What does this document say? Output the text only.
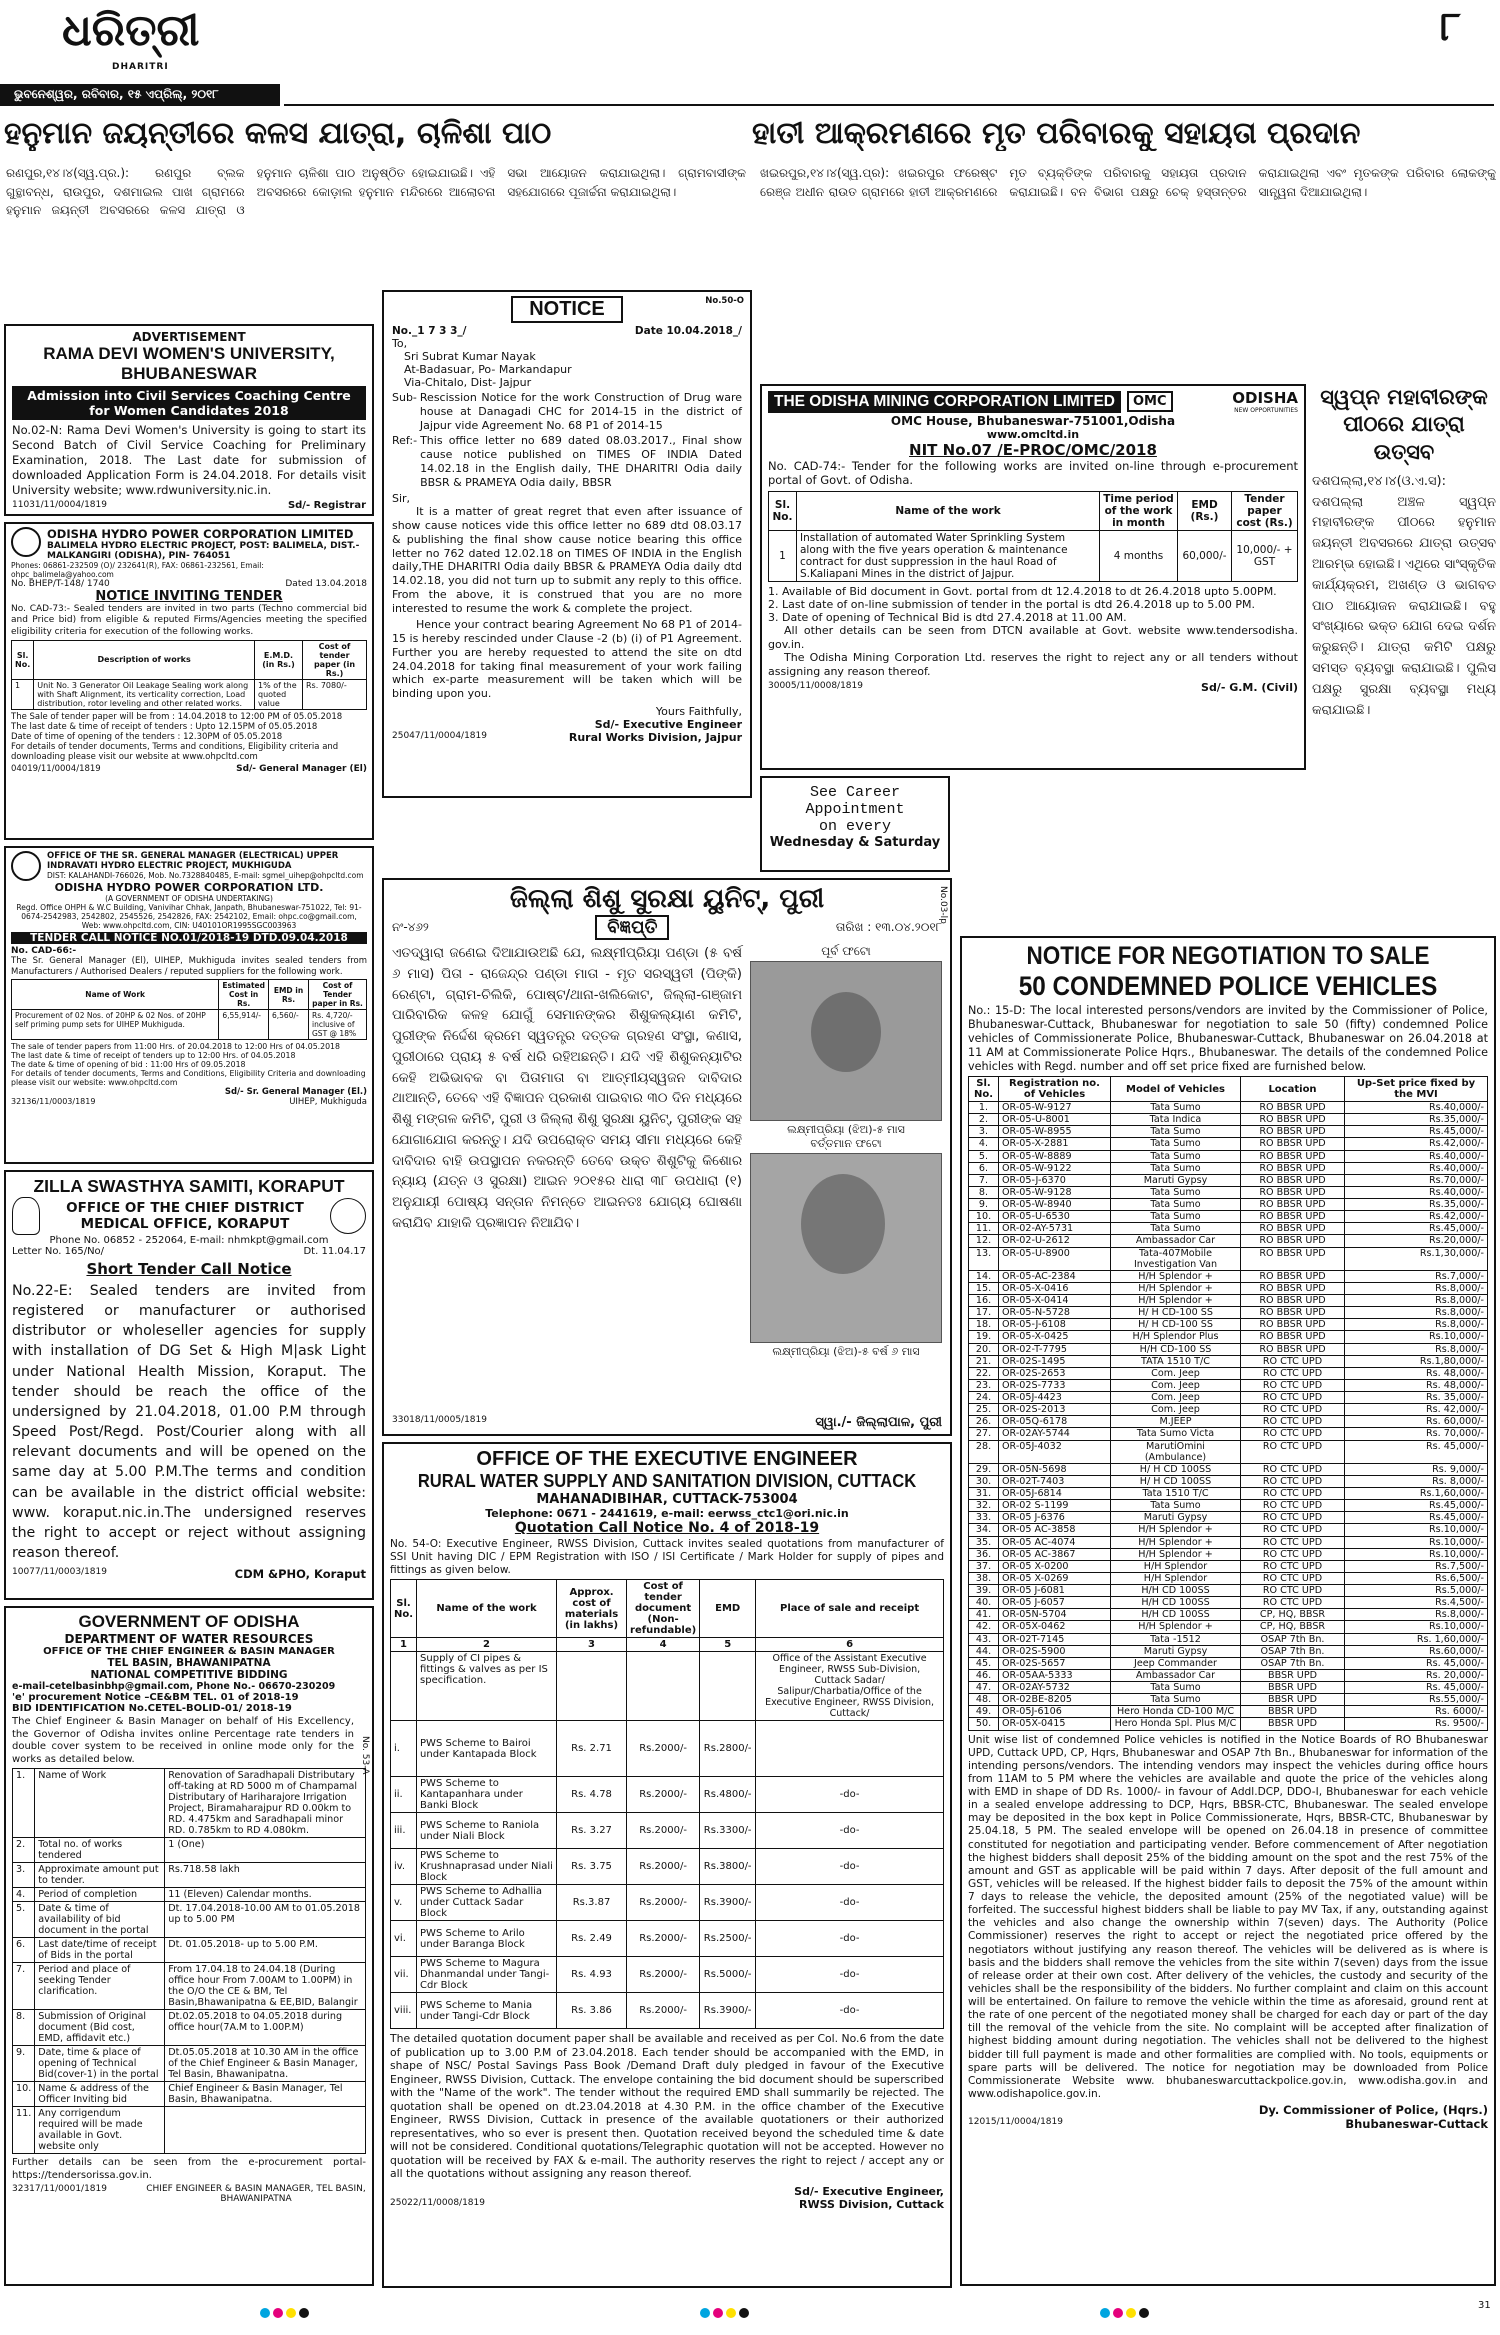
ଧରିତ୍ରୀ
DHARITRI
ଭୁବନେଶ୍ୱର, ରବିବାର, ୧୫ ଏପ୍ରିଲ୍, ୨୦୧୮
୮
ହନୁମାନ ଜୟନ୍ତୀରେ କଳସ ଯାତ୍ରା, ଚାଳିଶା ପାଠ	ହାତୀ ଆକ୍ରମଣରେ ମୃତ ପରିବାରକୁ ସହାୟତା ପ୍ରଦାନ
ରଣପୁର,୧୪।୪(ସ୍ୱ.ପ୍ର.): ରଣପୁର ବ୍ଲକ ଗୁନ୍ଥାବନ୍ଧ, ରାଉପୁର, ଦଶମାଇଲ ପାଖ ଗ୍ରାମରେ ହନୁମାନ ଜୟନ୍ତୀ ଅବସରରେ କଳସ ଯାତ୍ରା ଓ ହନୁମାନ ଚାଳିଶା ପାଠ ଅନୁଷ୍ଠିତ ହୋଇଯାଇଛି। ଏହି ଅବସରରେ କୋଡ଼ାଲ ହନୁମାନ ମନ୍ଦିରରେ ଆଲୋଚନା ସଭା ଆୟୋଜନ କରାଯାଇଥିଲା। ଗ୍ରାମବାସୀଙ୍କ ସହଯୋଗରେ ପୂଜାର୍ଚ୍ଚନା କରାଯାଇଥିଲା।
ଖଇରପୁର,୧୪।୪(ସ୍ୱ.ପ୍ର): ଖଇରପୁର ଫରେଷ୍ଟ ରେଞ୍ଜ ଅଧୀନ ରାଉତ ଗ୍ରାମରେ ହାତୀ ଆକ୍ରମଣରେ ମୃତ ବ୍ୟକ୍ତିଙ୍କ ପରିବାରକୁ ସହାୟତା ପ୍ରଦାନ କରାଯାଇଛି। ବନ ବିଭାଗ ପକ୍ଷରୁ ଚେକ୍ ହସ୍ତାନ୍ତର କରାଯାଇଥିଲା ଏବଂ ମୃତକଙ୍କ ପରିବାର ଲୋକଙ୍କୁ ସାନ୍ତ୍ୱନା ଦିଆଯାଇଥିଲା।
ADVERTISEMENT
RAMA DEVI WOMEN'S UNIVERSITY, BHUBANESWAR
Admission into Civil Services Coaching Centre for Women Candidates 2018
No.02-N: Rama Devi Women's University is going to start its Second Batch of Civil Service Coaching for Preliminary Examination, 2018. The Last date for submission of downloaded Application Form is 24.04.2018. For details visit University website; www.rdwuniversity.nic.in.
11031/11/0004/1819	Sd/- Registrar
ODISHA HYDRO POWER CORPORATION LIMITED
BALIMELA HYDRO ELECTRIC PROJECT, POST: BALIMELA, DIST.- MALKANGIRI (ODISHA), PIN- 764051
Phones: 06861-232509 (O)/ 232641(R), FAX: 06861-232561, Email: ohpc_balimela@yahoo.com
No. BHEP/T-148/ 1740	Dated 13.04.2018
NOTICE INVITING TENDER
No. CAD-73:- Sealed tenders are invited in two parts (Techno commercial bid and Price bid) from eligible & reputed Firms/Agencies meeting the specified eligibility criteria for execution of the following works.
Sl. No.	Description of works	E.M.D. (in Rs.)	Cost of tender paper (in Rs.)
1	Unit No. 3 Generator Oil Leakage Sealing work along with Shaft Alignment, its verticality correction, Load distribution, rotor leveling and other related works.	1% of the quoted value	Rs. 7080/-
The Sale of tender paper will be from : 14.04.2018 to 12:00 PM of 05.05.2018
The last date & time of receipt of tenders : Upto 12.15PM of 05.05.2018
Date of time of opening of the tenders : 12.30PM of 05.05.2018
For details of tender documents, Terms and conditions, Eligibility criteria and downloading please visit our website at www.ohpcltd.com
04019/11/0004/1819	Sd/- General Manager (El)
OFFICE OF THE SR. GENERAL MANAGER (ELECTRICAL) UPPER INDRAVATI HYDRO ELECTRIC PROJECT, MUKHIGUDA
DIST: KALAHANDI-766026, Mob. No.7328840485, E-mail: sgmel_uihep@ohpcltd.com
ODISHA HYDRO POWER CORPORATION LTD.
(A GOVERNMENT OF ODISHA UNDERTAKING)
Regd. Office OHPH & W.C Building, Vanivihar Chhak, Janpath, Bhubaneswar-751022, Tel: 91-0674-2542983, 2542802, 2545526, 2542826, FAX: 2542102, Email: ohpc.co@gmail.com, Web: www.ohpcltd.com, CIN: U40101OR1995SGC003963
TENDER CALL NOTICE NO.01/2018-19 DTD.09.04.2018
No. CAD-66:-
The Sr. General Manager (El), UIHEP, Mukhiguda invites sealed tenders from Manufacturers / Authorised Dealers / reputed suppliers for the following work.
Name of Work	Estimated Cost in Rs.	EMD in Rs.	Cost of Tender paper in Rs.
Procurement of 02 Nos. of 20HP & 02 Nos. of 20HP self priming pump sets for UIHEP Mukhiguda.	6,55,914/-	6,560/-	Rs. 4,720/- inclusive of GST @ 18%
The sale of tender papers from 11:00 Hrs. of 20.04.2018 to 12:00 Hrs of 04.05.2018
The last date & time of receipt of tenders up to 12:00 Hrs. of 04.05.2018
The date & time of opening of bid : 11:00 Hrs of 09.05.2018
For details of tender documents, Terms and Conditions, Eligibility Criteria and downloading please visit our website: www.ohpcltd.com
Sd/- Sr. General Manager (El.)
32136/11/0003/1819	UIHEP, Mukhiguda
ZILLA SWASTHYA SAMITI, KORAPUT
OFFICE OF THE CHIEF DISTRICT MEDICAL OFFICE, KORAPUT
Phone No. 06852 - 252064, E-mail: nhmkpt@gmail.com
Letter No. 165/No/	Dt. 11.04.17
Short Tender Call Notice
No.22-E: Sealed tenders are invited from registered or manufacturer or authorised distributor or wholeseller agencies for supply with installation of DG Set & High M|ask Light under National Health Mission, Koraput. The tender should be reach the office of the undersigned by 21.04.2018, 01.00 P.M through Speed Post/Regd. Post/Courier along with all relevant documents and will be opened on the same day at 5.00 P.M.The terms and condition can be available in the district official website: www. koraput.nic.in.The undersigned reserves the right to accept or reject without assigning reason thereof.
10077/11/0003/1819	CDM &PHO, Koraput
GOVERNMENT OF ODISHA
DEPARTMENT OF WATER RESOURCES
OFFICE OF THE CHIEF ENGINEER & BASIN MANAGER
TEL BASIN, BHAWANIPATNA
NATIONAL COMPETITIVE BIDDING
e-mail-cetelbasinbhp@gmail.com, Phone No.- 06670-230209
'e' procurement Notice –CE&BM TEL. 01 of 2018-19
BID IDENTIFICATION No.CETEL-BOLID-01/ 2018-19
No. 53-A
The Chief Engineer & Basin Manager on behalf of His Excellency, the Governor of Odisha invites online Percentage rate tenders in double cover system to be received in online mode only for the works as detailed below.
1.	Name of Work	Renovation of Saradhapali Distributary off-taking at RD 5000 m of Champamal Distributary of Hariharajore Irrigation Project, Biramaharajpur RD 0.00km to RD. 4.475km and Saradhapali minor RD. 0.785km to RD 4.080km.
2.	Total no. of works tendered	1 (One)
3.	Approximate amount put to tender.	Rs.718.58 lakh
4.	Period of completion	11 (Eleven) Calendar months.
5.	Date & time of availability of bid document in the portal	Dt. 17.04.2018-10.00 AM to 01.05.2018 up to 5.00 PM
6.	Last date/time of receipt of Bids in the portal	Dt. 01.05.2018- up to 5.00 P.M.
7.	Period and place of seeking Tender clarification.	From 17.04.18 to 24.04.18 (During office hour From 7.00AM to 1.00PM) in the O/O the CE & BM, Tel Basin,Bhawanipatna & EE,BID, Balangir
8.	Submission of Original document (Bid cost, EMD, affidavit etc.)	Dt.02.05.2018 to 04.05.2018 during office hour(7A.M to 1.00P.M)
9.	Date, time & place of opening of Technical Bid(cover-1) in the portal	Dt.05.05.2018 at 10.30 AM in the office of the Chief Engineer & Basin Manager, Tel Basin, Bhawanipatna.
10.	Name & address of the Officer Inviting bid	Chief Engineer & Basin Manager, Tel Basin, Bhawanipatna.
11.	Any corrigendum required will be made available in Govt. website only	
Further details can be seen from the e-procurement portal- https://tendersorissa.gov.in.
32317/11/0001/1819	CHIEF ENGINEER & BASIN MANAGER, TEL BASIN, BHAWANIPATNA
No.50-O
NOTICE
No._1 7 3 3_/	Date 10.04.2018_/
To,
Sri Subrat Kumar Nayak
At-Badasuar, Po- Markandapur
Via-Chitalo, Dist- Jajpur
Sub- Rescission Notice for the work Construction of Drug ware house at Danagadi CHC for 2014-15 in the district of Jajpur vide Agreement No. 68 P1 of 2014-15
Ref:- This office letter no 689 dated 08.03.2017., Final show cause notice published on TIMES OF INDIA Dated 14.02.18 in the English daily, THE DHARITRI Odia daily BBSR & PRAMEYA Odia daily, BBSR
Sir,
It is a matter of great regret that even after issuance of show cause notices vide this office letter no 689 dtd 08.03.17 & publishing the final show cause notice bearing this office letter no 762 dated 12.02.18 on TIMES OF INDIA in the English daily,THE DHARITRI Odia daily BBSR & PRAMEYA Odia daily dtd 14.02.18, you did not turn up to submit any reply to this office. From the above, it is construed that you are no more interested to resume the work & complete the project.
Hence your contract bearing Agreement No 68 P1 of 2014-15 is hereby rescinded under Clause -2 (b) (i) of P1 Agreement. Further you are hereby requested to attend the site on dtd 24.04.2018 for taking final measurement of your work failing which ex-parte measurement will be taken which will be binding upon you.
Yours Faithfully,
Sd/- Executive Engineer
25047/11/0004/1819	Rural Works Division, Jajpur
THE ODISHA MINING CORPORATION LIMITED	OMC	ODISHA
NEW OPPORTUNITIES
OMC House, Bhubaneswar-751001,Odisha
www.omcltd.in
NIT No.07 /E-PROC/OMC/2018
No. CAD-74:- Tender for the following works are invited on-line through e-procurement portal of Govt. of Odisha.
Sl. No.	Name of the work	Time period of the work in month	EMD (Rs.)	Tender paper cost (Rs.)
1	Installation of automated Water Sprinkling System along with the five years operation & maintenance contract for dust suppression in the haul Road of S.Kaliapani Mines in the district of Jajpur.	4 months	60,000/-	10,000/- + GST
1. Available of Bid document in Govt. portal from dt 12.4.2018 to dt 26.4.2018 upto 5.00PM.
2. Last date of on-line submission of tender in the portal is dtd 26.4.2018 up to 5.00 PM.
3. Date of opening of Technical Bid is dtd 27.4.2018 at 11.00 AM.
All other details can be seen from DTCN available at Govt. website www.tendersodisha. gov.in.
The Odisha Mining Corporation Ltd. reserves the right to reject any or all tenders without assigning any reason thereof.
30005/11/0008/1819	Sd/- G.M. (Civil)
See Career
Appointment
on every
Wednesday & Saturday
ସ୍ୱପ୍ନ ମହାବୀରଙ୍କ ପୀଠରେ ଯାତ୍ରା ଉତ୍ସବ
ଦଶପଲ୍ଲା,୧୪।୪(ଓ.ଏ.ସ): ଦଶପଲ୍ଲା ଅଞ୍ଚଳ ସ୍ୱପ୍ନ ମହାବୀରଙ୍କ ପୀଠରେ ହନୁମାନ ଜୟନ୍ତୀ ଅବସରରେ ଯାତ୍ରା ଉତ୍ସବ ଆରମ୍ଭ ହୋଇଛି। ଏଥିରେ ସାଂସ୍କୃତିକ କାର୍ଯ୍ୟକ୍ରମ, ଅଖଣ୍ଡ ଓ ଭାଗବତ ପାଠ ଆୟୋଜନ କରାଯାଇଛି। ବହୁ ସଂଖ୍ୟାରେ ଭକ୍ତ ଯୋଗ ଦେଇ ଦର୍ଶନ କରୁଛନ୍ତି। ଯାତ୍ରା କମିଟି ପକ୍ଷରୁ ସମସ୍ତ ବ୍ୟବସ୍ଥା କରାଯାଇଛି। ପୁଲିସ ପକ୍ଷରୁ ସୁରକ୍ଷା ବ୍ୟବସ୍ଥା ମଧ୍ୟ କରାଯାଇଛି।
ଜିଲ୍ଲା ଶିଶୁ ସୁରକ୍ଷା ୟୁନିଟ୍, ପୁରୀ
ନଂ-୪୬୨	ବିଜ୍ଞପ୍ତି	ତାରିଖ : ୧୩.୦୪.୨୦୧୮
No.03-lp
ଏତଦ୍ୱାରା ଜଣେଇ ଦିଆଯାଉଅଛି ଯେ, ଲକ୍ଷ୍ମୀପ୍ରିୟା ପଣ୍ଡା (୫ ବର୍ଷ ୬ ମାସ) ପିତା - ରାଜେନ୍ଦ୍ର ପଣ୍ଡା ମାତା - ମୃତ ସରସ୍ୱତୀ (ପିଙ୍କି) ରେଣ୍ଟା, ଗ୍ରାମ-ଚିଲିକି, ପୋଷ୍ଟ/ଥାନା-ଖଲିକୋଟ, ଜିଲ୍ଲା-ଗଞ୍ଜାମ ପାରିବାରିକ କଳହ ଯୋଗୁଁ ସେମାନଙ୍କର ଶିଶୁକଲ୍ୟାଣ କମିଟି, ପୁରୀଙ୍କ ନିର୍ଦ୍ଦେଶ କ୍ରମେ ସ୍ୱତନ୍ତ୍ର ଦତ୍ତକ ଗ୍ରହଣ ସଂସ୍ଥା, କଣାସ, ପୁରୀଠାରେ ପ୍ରାୟ ୫ ବର୍ଷ ଧରି ରହିଅଛନ୍ତି। ଯଦି ଏହି ଶିଶୁକନ୍ୟାଟିର କେହି ଅଭିଭାବକ ବା ପିତାମାତା ବା ଆତ୍ମୀୟସ୍ୱଜନ ଦାବିଦାର ଥାଆନ୍ତି, ତେବେ ଏହି ବିଜ୍ଞାପନ ପ୍ରକାଶ ପାଇବାର ୩୦ ଦିନ ମଧ୍ୟରେ ଶିଶୁ ମଙ୍ଗଳ କମିଟି, ପୁରୀ ଓ ଜିଲ୍ଲା ଶିଶୁ ସୁରକ୍ଷା ୟୁନିଟ୍, ପୁରୀଙ୍କ ସହ ଯୋଗାଯୋଗ କରନ୍ତୁ। ଯଦି ଉପରୋକ୍ତ ସମୟ ସୀମା ମଧ୍ୟରେ କେହି ଦାବିଦାର ବାହି ଉପସ୍ଥାପନ ନକରନ୍ତି ତେବେ ଉକ୍ତ ଶିଶୁଟିକୁ କିଶୋର ନ୍ୟାୟ (ଯତ୍ନ ଓ ସୁରକ୍ଷା) ଆଇନ ୨୦୧୫ର ଧାରା ୩୮ ଉପଧାରା (୧) ଅନୁଯାୟୀ ପୋଷ୍ୟ ସନ୍ତାନ ନିମନ୍ତେ ଆଇନତଃ ଯୋଗ୍ୟ ଘୋଷଣା କରାଯିବ ଯାହାକି ପ୍ରଜ୍ଞାପନ ନିଆଯିବ।
ପୂର୍ବ ଫଟୋ
ଲକ୍ଷ୍ମୀପ୍ରିୟା (ଝିଅ)-୫ ମାସ
ବର୍ତ୍ତମାନ ଫଟୋ
ଲକ୍ଷ୍ମୀପ୍ରିୟା (ଝିଅ)-୫ ବର୍ଷ ୬ ମାସ
33018/11/0005/1819	ସ୍ୱା./- ଜିଲ୍ଲାପାଳ, ପୁରୀ
OFFICE OF THE EXECUTIVE ENGINEER
RURAL WATER SUPPLY AND SANITATION DIVISION, CUTTACK
MAHANADIBIHAR, CUTTACK-753004
Telephone: 0671 - 2441619, e-mail: eerwss_ctc1@ori.nic.in
Quotation Call Notice No. 4 of 2018-19
No. 54-O: Executive Engineer, RWSS Division, Cuttack invites sealed quotations from manufacturer of SSI Unit having DIC / EPM Registration with ISO / ISI Certificate / Mark Holder for supply of pipes and fittings as given below.
Sl. No.	Name of the work	Approx. cost of materials (in lakhs)	Cost of tender document (Non-refundable)	EMD	Place of sale and receipt
1	2	3	4	5	6
	Supply of CI pipes & fittings & valves as per IS specification.				Office of the Assistant Executive Engineer, RWSS Sub-Division, Cuttack Sadar/ Salipur/Charbatia/Office of the Executive Engineer, RWSS Division, Cuttack/
i.	PWS Scheme to Bairoi under Kantapada Block	Rs. 2.71	Rs.2000/-	Rs.2800/-	
ii.	PWS Scheme to Kantapanhara under Banki Block	Rs. 4.78	Rs.2000/-	Rs.4800/-	-do-
iii.	PWS Scheme to Raniola under Niali Block	Rs. 3.27	Rs.2000/-	Rs.3300/-	-do-
iv.	PWS Scheme to Krushnaprasad under Niali Block	Rs. 3.75	Rs.2000/-	Rs.3800/-	-do-
v.	PWS Scheme to Adhallia under Cuttack Sadar Block	Rs.3.87	Rs.2000/-	Rs.3900/-	-do-
vi.	PWS Scheme to Arilo under Baranga Block	Rs. 2.49	Rs.2000/-	Rs.2500/-	-do-
vii.	PWS Scheme to Magura Dhanmandal under Tangi-Cdr Block	Rs. 4.93	Rs.2000/-	Rs.5000/-	-do-
viii.	PWS Scheme to Mania under Tangi-Cdr Block	Rs. 3.86	Rs.2000/-	Rs.3900/-	-do-
The detailed quotation document paper shall be available and received as per Col. No.6 from the date of publication up to 3.00 P.M of 23.04.2018. Each tender should be accompanied with the EMD, in shape of NSC/ Postal Savings Pass Book /Demand Draft duly pledged in favour of the Executive Engineer, RWSS Division, Cuttack. The envelope containing the bid document should be superscribed with the "Name of the work". The tender without the required EMD shall summarily be rejected. The quotation shall be opened on dt.23.04.2018 at 4.30 P.M. in the office chamber of the Executive Engineer, RWSS Division, Cuttack in presence of the available quotationers or their authorized representatives, who so ever is present then. Quotation received beyond the scheduled time & date will not be considered. Conditional quotations/Telegraphic quotation will not be accepted. However no quotation will be received by FAX & e-mail. The authority reserves the right to reject / accept any or all the quotations without assigning any reason thereof.
Sd/- Executive Engineer,
25022/11/0008/1819	RWSS Division, Cuttack
NOTICE FOR NEGOTIATION TO SALE
50 CONDEMNED POLICE VEHICLES
No.: 15-D: The local interested persons/vendors are invited by the Commissioner of Police, Bhubaneswar-Cuttack, Bhubaneswar for negotiation to sale 50 (fifty) condemned Police vehicles of Commissionerate Police, Bhubaneswar-Cuttack, Bhubaneswar on 26.04.2018 at 11 AM at Commissionerate Police Hqrs., Bhubaneswar. The details of the condemned Police vehicles with Regd. number and off set price fixed are furnished below.
Sl. No.	Registration no. of Vehicles	Model of Vehicles	Location	Up-Set price fixed by the MVI
1.	OR-05-W-9127	Tata Sumo	RO BBSR UPD	Rs.40,000/-
2.	OR-05-U-8001	Tata Indica	RO BBSR UPD	Rs.35,000/-
3.	OR-05-W-8955	Tata Sumo	RO BBSR UPD	Rs.45,000/-
4.	OR-05-X-2881	Tata Sumo	RO BBSR UPD	Rs.42,000/-
5.	OR-05-W-8889	Tata Sumo	RO BBSR UPD	Rs.40,000/-
6.	OR-05-W-9122	Tata Sumo	RO BBSR UPD	Rs.40,000/-
7.	OR-05-J-6370	Maruti Gypsy	RO BBSR UPD	Rs.70,000/-
8.	OR-05-W-9128	Tata Sumo	RO BBSR UPD	Rs.40,000/-
9.	OR-05-W-8940	Tata Sumo	RO BBSR UPD	Rs.35,000/-
10.	OR-05-U-6530	Tata Sumo	RO BBSR UPD	Rs.42,000/-
11.	OR-02-AY-5731	Tata Sumo	RO BBSR UPD	Rs.45,000/-
12.	OR-02-U-2612	Ambassador Car	RO BBSR UPD	Rs.20,000/-
13.	OR-05-U-8900	Tata-407Mobile Investigation Van	RO BBSR UPD	Rs.1,30,000/-
14.	OR-05-AC-2384	H/H Splendor +	RO BBSR UPD	Rs.7,000/-
15.	OR-05-X-0416	H/H Splendor +	RO BBSR UPD	Rs.8,000/-
16.	OR-05-X-0414	H/H Splendor +	RO BBSR UPD	Rs.8,000/-
17.	OR-05-N-5728	H/ H CD-100 SS	RO BBSR UPD	Rs.8,000/-
18.	OR-05-J-6108	H/ H CD-100 SS	RO BBSR UPD	Rs.8,000/-
19.	OR-05-X-0425	H/H Splendor Plus	RO BBSR UPD	Rs.10,000/-
20.	OR-02-T-7795	H/H CD-100 SS	RO BBSR UPD	Rs.8,000/-
21.	OR-02S-1495	TATA 1510 T/C	RO CTC UPD	Rs.1,80,000/-
22.	OR-02S-2653	Com. Jeep	RO CTC UPD	Rs. 48,000/-
23.	OR-02S-7733	Com. Jeep	RO CTC UPD	Rs. 48,000/-
24.	OR-05J-4423	Com. Jeep	RO CTC UPD	Rs. 35,000/-
25.	OR-02S-2013	Com. Jeep	RO CTC UPD	Rs. 42,000/-
26.	OR-05Q-6178	M.JEEP	RO CTC UPD	Rs. 60,000/-
27.	OR-02AY-5744	Tata Sumo Victa	RO CTC UPD	Rs. 70,000/-
28.	OR-05J-4032	MarutiOmini (Ambulance)	RO CTC UPD	Rs. 45,000/-
29.	OR-05N-5698	H/ H CD 100SS	RO CTC UPD	Rs. 9,000/-
30.	OR-02T-7403	H/ H CD 100SS	RO CTC UPD	Rs. 8,000/-
31.	OR-05J-6814	Tata 1510 T/C	RO CTC UPD	Rs.1,60,000/-
32.	OR-02 S-1199	Tata Sumo	RO CTC UPD	Rs.45,000/-
33.	OR-05 J-6376	Maruti Gypsy	RO CTC UPD	Rs.45,000/-
34.	OR-05 AC-3858	H/H Splendor +	RO CTC UPD	Rs.10,000/-
35.	OR-05 AC-4074	H/H Splendor +	RO CTC UPD	Rs.10,000/-
36.	OR-05 AC-3867	H/H Splendor +	RO CTC UPD	Rs.10,000/-
37.	OR-05 X-0200	H/H Splendor	RO CTC UPD	Rs.7,500/-
38.	OR-05 X-0269	H/H Splendor	RO CTC UPD	Rs.6,500/-
39.	OR-05 J-6081	H/H CD 100SS	RO CTC UPD	Rs.5,000/-
40.	OR-05 J-6057	H/H CD 100SS	RO CTC UPD	Rs.4,500/-
41.	OR-05N-5704	H/H CD 100SS	CP, HQ, BBSR	Rs.8,000/-
42.	OR-05X-0462	H/H Splendor +	CP, HQ, BBSR	Rs.10,000/-
43.	OR-02T-7145	Tata -1512	OSAP 7th Bn.	Rs. 1,60,000/-
44.	OR-02S-5900	Maruti Gypsy	OSAP 7th Bn.	Rs.60,000/-
45.	OR-02S-5657	Jeep Commander	OSAP 7th Bn.	Rs. 45,000/-
46.	OR-05AA-5333	Ambassador Car	BBSR UPD	Rs. 20,000/-
47.	OR-02AY-5732	Tata Sumo	BBSR UPD	Rs. 45,000/-
48.	OR-02BE-8205	Tata Sumo	BBSR UPD	Rs.55,000/-
49.	OR-05J-6106	Hero Honda CD-100 M/C	BBSR UPD	Rs. 6000/-
50.	OR-05X-0415	Hero Honda Spl. Plus M/C	BBSR UPD	Rs. 9500/-
Unit wise list of condemned Police vehicles is notified in the Notice Boards of RO Bhubaneswar UPD, Cuttack UPD, CP, Hqrs, Bhubaneswar and OSAP 7th Bn., Bhubaneswar for information of the intending persons/vendors. The intending vendors may inspect the vehicles during office hours from 11AM to 5 PM where the vehicles are available and quote the price of the vehicles along with EMD in shape of DD Rs. 1000/- in favour of Addl.DCP, DDO-I, Bhubaneswar for each vehicle in a sealed envelope addressing to DCP, Hqrs, BBSR-CTC, Bhubaneswar. The sealed envelope may be deposited in the box kept in Police Commissionerate, Hqrs, BBSR-CTC, Bhubaneswar by 25.04.18, 5 PM. The sealed envelope will be opened on 26.04.18 in presence of committee constituted for negotiation and participating vender. Before commencement of After negotiation the highest bidders shall deposit 25% of the bidding amount on the spot and the rest 75% of the amount and GST as applicable will be paid within 7 days. After deposit of the full amount and GST, vehicles will be released. If the highest bidder fails to deposit the 75% of the amount within 7 days to release the vehicle, the deposited amount (25% of the negotiated value) will be forfeited. The successful highest bidders shall be liable to pay MV Tax, if any, outstanding against the vehicles and also change the ownership within 7(seven) days. The Authority (Police Commissioner) reserves the right to accept or reject the negotiated price offered by the negotiators without justifying any reason thereof. The vehicles will be delivered as is where is basis and the bidders shall remove the vehicles from the site within 7(seven) days from the issue of release order at their own cost. After delivery of the vehicles, the custody and security of the vehicles shall be the responsibility of the bidders. No further complaint and claim on this account will be entertained. On failure to remove the vehicle within the time as aforesaid, ground rent at the rate of one percent of the negotiated money shall be charged for each day or part of the day till the removal of the vehicle from the site. No complaint will be accepted after finalization of highest bidding amount during negotiation. The vehicles shall not be delivered to the highest bidder till full payment is made and other formalities are complied with. No tools, equipments or spare parts will be delivered. The notice for negotiation may be downloaded from Police Commissionerate Website www. bhubaneswarcuttackpolice.gov.in, www.odisha.gov.in and www.odishapolice.gov.in.
Dy. Commissioner of Police, (Hqrs.)
12015/11/0004/1819	Bhubaneswar-Cuttack
31
